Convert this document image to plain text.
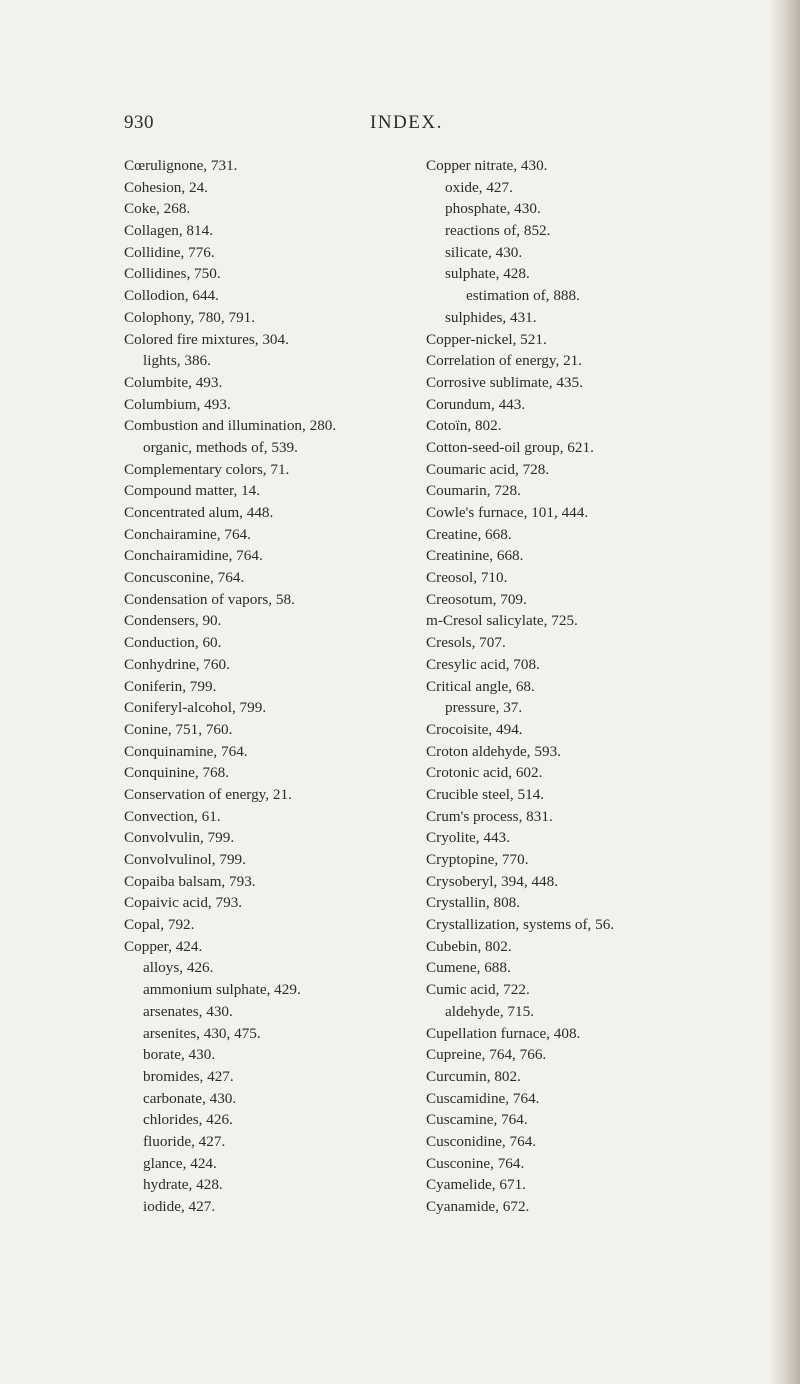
930	INDEX.
Cœrulignone, 731.
Cohesion, 24.
Coke, 268.
Collagen, 814.
Collidine, 776.
Collidines, 750.
Collodion, 644.
Colophony, 780, 791.
Colored fire mixtures, 304.
lights, 386.
Columbite, 493.
Columbium, 493.
Combustion and illumination, 280.
organic, methods of, 539.
Complementary colors, 71.
Compound matter, 14.
Concentrated alum, 448.
Conchairamine, 764.
Conchairamidine, 764.
Concusconine, 764.
Condensation of vapors, 58.
Condensers, 90.
Conduction, 60.
Conhydrine, 760.
Coniferin, 799.
Coniferyl-alcohol, 799.
Conine, 751, 760.
Conquinamine, 764.
Conquinine, 768.
Conservation of energy, 21.
Convection, 61.
Convolvulin, 799.
Convolvulinol, 799.
Copaiba balsam, 793.
Copaivic acid, 793.
Copal, 792.
Copper, 424.
alloys, 426.
ammonium sulphate, 429.
arsenates, 430.
arsenites, 430, 475.
borate, 430.
bromides, 427.
carbonate, 430.
chlorides, 426.
fluoride, 427.
glance, 424.
hydrate, 428.
iodide, 427.
Copper nitrate, 430.
oxide, 427.
phosphate, 430.
reactions of, 852.
silicate, 430.
sulphate, 428.
estimation of, 888.
sulphides, 431.
Copper-nickel, 521.
Correlation of energy, 21.
Corrosive sublimate, 435.
Corundum, 443.
Cotoïn, 802.
Cotton-seed-oil group, 621.
Coumaric acid, 728.
Coumarin, 728.
Cowle's furnace, 101, 444.
Creatine, 668.
Creatinine, 668.
Creosol, 710.
Creosotum, 709.
m-Cresol salicylate, 725.
Cresols, 707.
Cresylic acid, 708.
Critical angle, 68.
pressure, 37.
Crocoisite, 494.
Croton aldehyde, 593.
Crotonic acid, 602.
Crucible steel, 514.
Crum's process, 831.
Cryolite, 443.
Cryptopine, 770.
Crysoberyl, 394, 448.
Crystallin, 808.
Crystallization, systems of, 56.
Cubebin, 802.
Cumene, 688.
Cumic acid, 722.
aldehyde, 715.
Cupellation furnace, 408.
Cupreine, 764, 766.
Curcumin, 802.
Cuscamidine, 764.
Cuscamine, 764.
Cusconidine, 764.
Cusconine, 764.
Cyamelide, 671.
Cyanamide, 672.
